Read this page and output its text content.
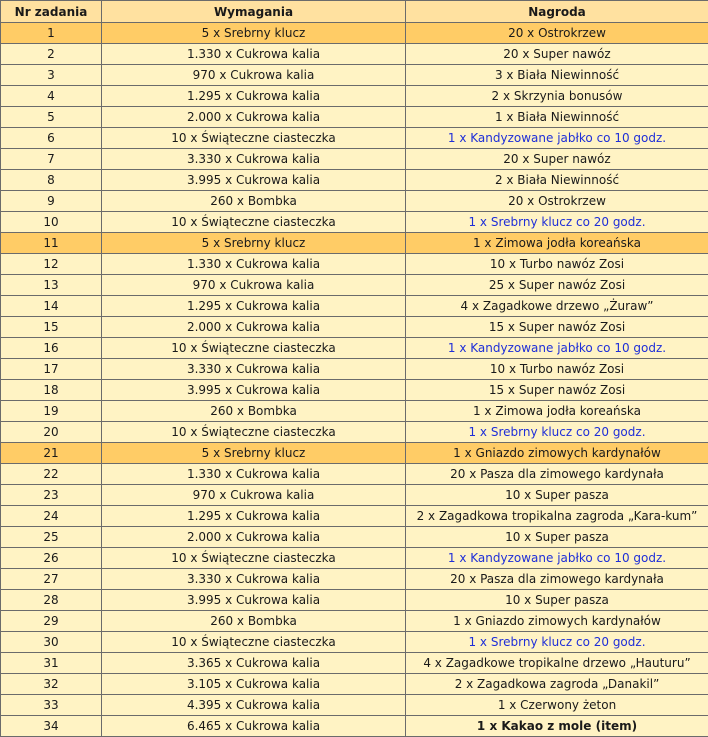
Nr zadania	Wymagania	Nagroda
1	5 x Srebrny klucz	20 x Ostrokrzew
2	1.330 x Cukrowa kalia	20 x Super nawóz
3	970 x Cukrowa kalia	3 x Biała Niewinność
4	1.295 x Cukrowa kalia	2 x Skrzynia bonusów
5	2.000 x Cukrowa kalia	1 x Biała Niewinność
6	10 x Świąteczne ciasteczka	1 x Kandyzowane jabłko co 10 godz.
7	3.330 x Cukrowa kalia	20 x Super nawóz
8	3.995 x Cukrowa kalia	2 x Biała Niewinność
9	260 x Bombka	20 x Ostrokrzew
10	10 x Świąteczne ciasteczka	1 x Srebrny klucz co 20 godz.
11	5 x Srebrny klucz	1 x Zimowa jodła koreańska
12	1.330 x Cukrowa kalia	10 x Turbo nawóz Zosi
13	970 x Cukrowa kalia	25 x Super nawóz Zosi
14	1.295 x Cukrowa kalia	4 x Zagadkowe drzewo „Żuraw”
15	2.000 x Cukrowa kalia	15 x Super nawóz Zosi
16	10 x Świąteczne ciasteczka	1 x Kandyzowane jabłko co 10 godz.
17	3.330 x Cukrowa kalia	10 x Turbo nawóz Zosi
18	3.995 x Cukrowa kalia	15 x Super nawóz Zosi
19	260 x Bombka	1 x Zimowa jodła koreańska
20	10 x Świąteczne ciasteczka	1 x Srebrny klucz co 20 godz.
21	5 x Srebrny klucz	1 x Gniazdo zimowych kardynałów
22	1.330 x Cukrowa kalia	20 x Pasza dla zimowego kardynała
23	970 x Cukrowa kalia	10 x Super pasza
24	1.295 x Cukrowa kalia	2 x Zagadkowa tropikalna zagroda „Kara-kum”
25	2.000 x Cukrowa kalia	10 x Super pasza
26	10 x Świąteczne ciasteczka	1 x Kandyzowane jabłko co 10 godz.
27	3.330 x Cukrowa kalia	20 x Pasza dla zimowego kardynała
28	3.995 x Cukrowa kalia	10 x Super pasza
29	260 x Bombka	1 x Gniazdo zimowych kardynałów
30	10 x Świąteczne ciasteczka	1 x Srebrny klucz co 20 godz.
31	3.365 x Cukrowa kalia	4 x Zagadkowe tropikalne drzewo „Hauturu”
32	3.105 x Cukrowa kalia	2 x Zagadkowa zagroda „Danakil”
33	4.395 x Cukrowa kalia	1 x Czerwony żeton
34	6.465 x Cukrowa kalia	1 x Kakao z mole (item)
